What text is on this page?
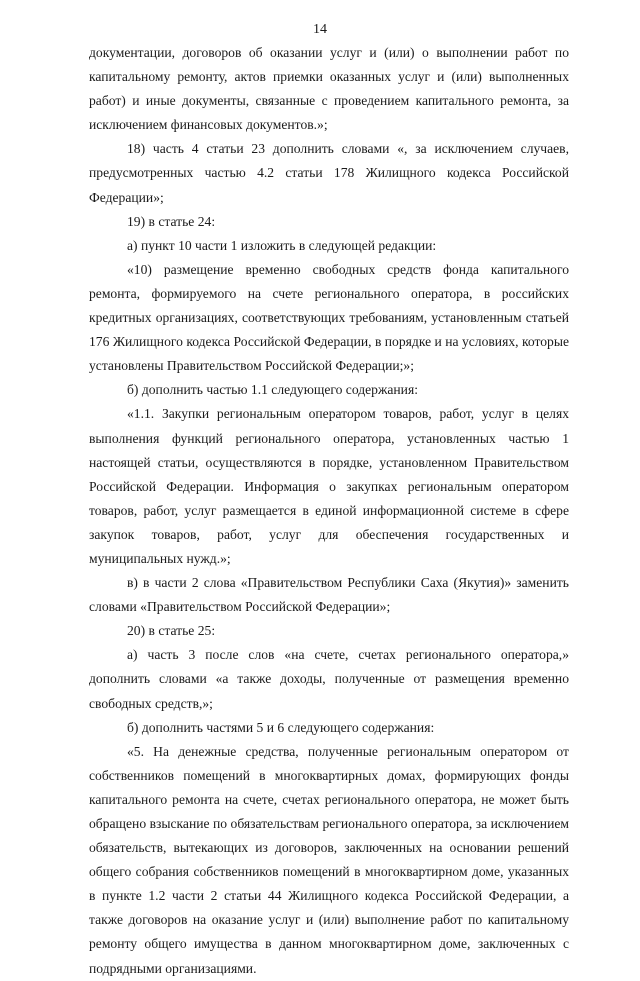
14

документации, договоров об оказании услуг и (или) о выполнении работ по капитальному ремонту, актов приемки оказанных услуг и (или) выполненных работ) и иные документы, связанные с проведением капитального ремонта, за исключением финансовых документов.»;

18) часть 4 статьи 23 дополнить словами «, за исключением случаев, предусмотренных частью 4.2 статьи 178 Жилищного кодекса Российской Федерации»;

19) в статье 24:

а) пункт 10 части 1 изложить в следующей редакции:

«10) размещение временно свободных средств фонда капитального ремонта, формируемого на счете регионального оператора, в российских кредитных организациях, соответствующих требованиям, установленным статьей 176 Жилищного кодекса Российской Федерации, в порядке и на условиях, которые установлены Правительством Российской Федерации;»;

б) дополнить частью 1.1 следующего содержания:

«1.1. Закупки региональным оператором товаров, работ, услуг в целях выполнения функций регионального оператора, установленных частью 1 настоящей статьи, осуществляются в порядке, установленном Правительством Российской Федерации. Информация о закупках региональным оператором товаров, работ, услуг размещается в единой информационной системе в сфере закупок товаров, работ, услуг для обеспечения государственных и муниципальных нужд.»;

в) в части 2 слова «Правительством Республики Саха (Якутия)» заменить словами «Правительством Российской Федерации»;

20) в статье 25:

а) часть 3 после слов «на счете, счетах регионального оператора,» дополнить словами «а также доходы, полученные от размещения временно свободных средств,»;

б) дополнить частями 5 и 6 следующего содержания:

«5. На денежные средства, полученные региональным оператором от собственников помещений в многоквартирных домах, формирующих фонды капитального ремонта на счете, счетах регионального оператора, не может быть обращено взыскание по обязательствам регионального оператора, за исключением обязательств, вытекающих из договоров, заключенных на основании решений общего собрания собственников помещений в многоквартирном доме, указанных в пункте 1.2 части 2 статьи 44 Жилищного кодекса Российской Федерации, а также договоров на оказание услуг и (или) выполнение работ по капитальному ремонту общего имущества в данном многоквартирном доме, заключенных с подрядными организациями.
